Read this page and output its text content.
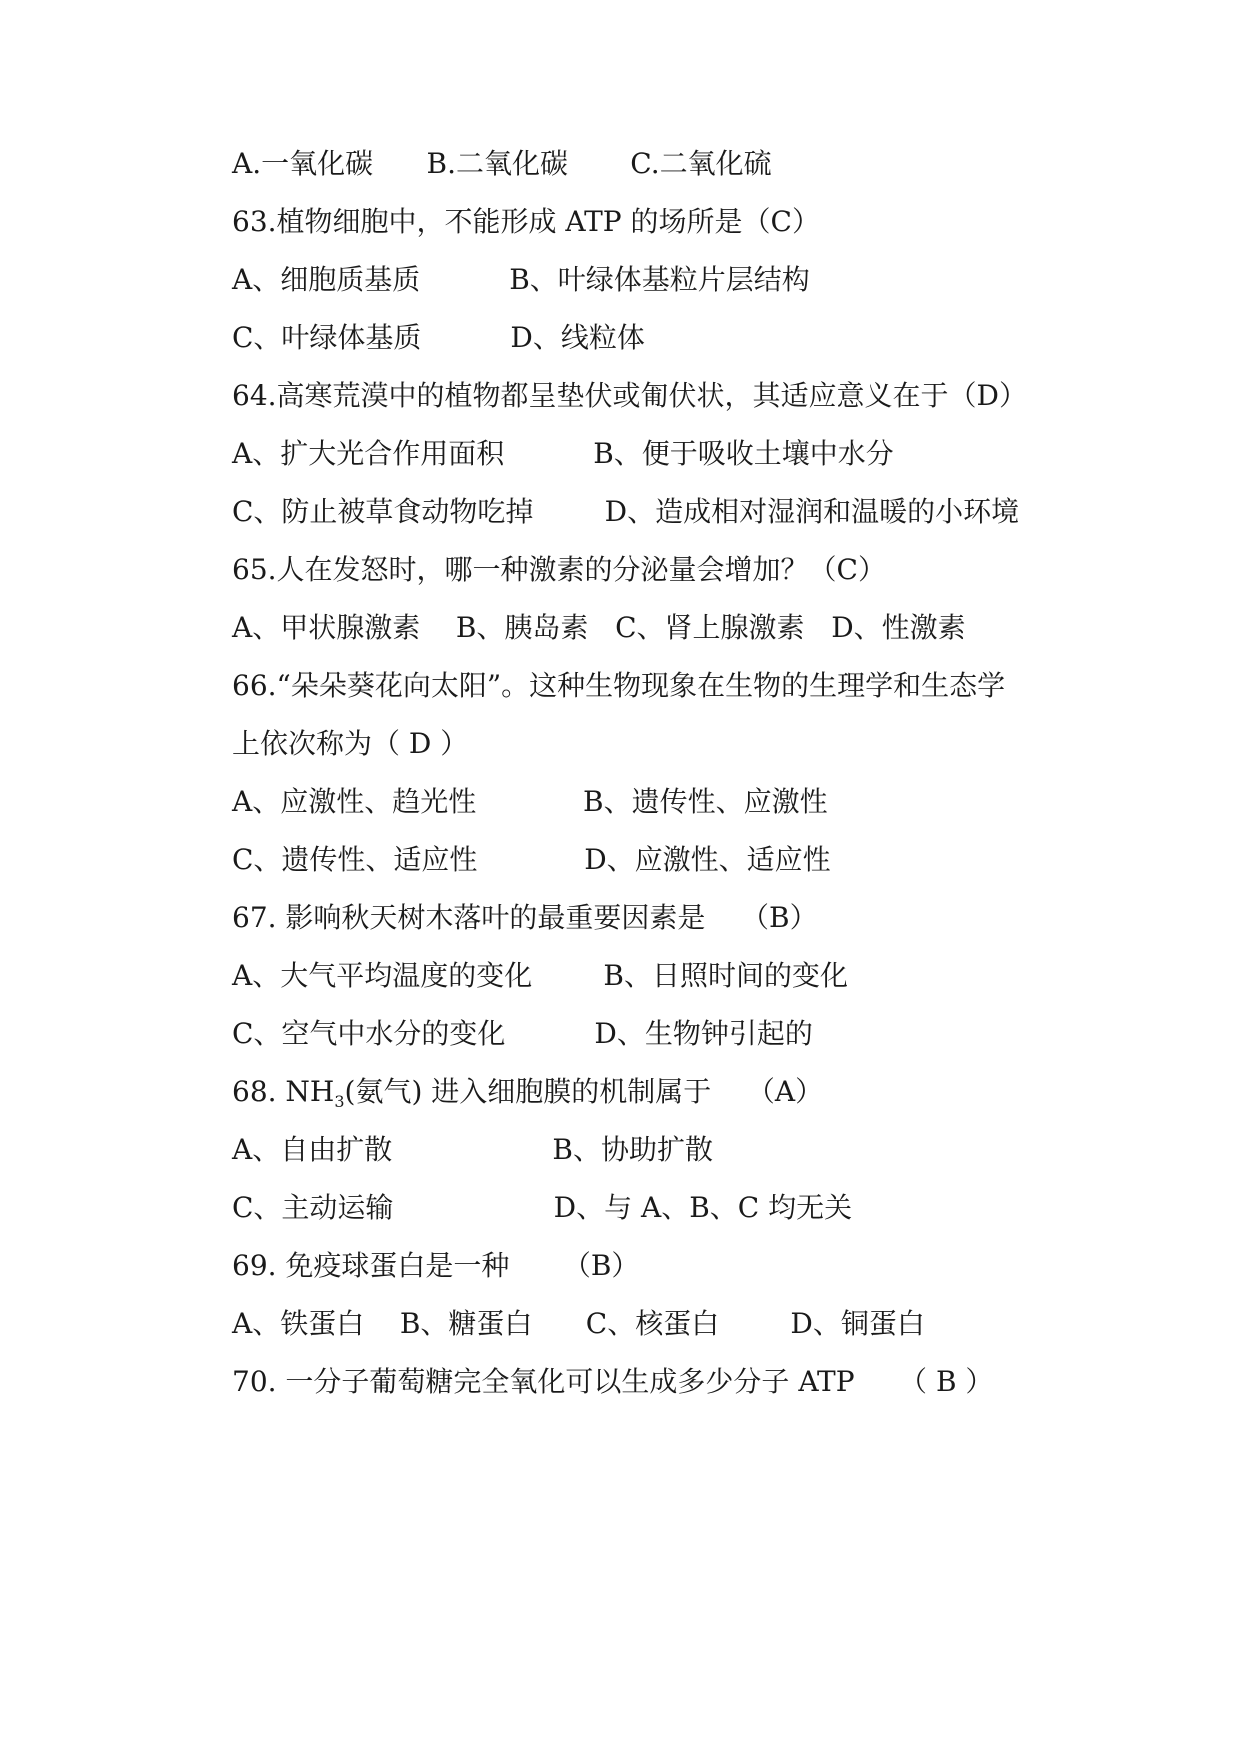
A.一氧化碳      B.二氧化碳       C.二氧化硫
63.植物细胞中，不能形成 ATP 的场所是（C）
A、细胞质基质          B、叶绿体基粒片层结构
C、叶绿体基质          D、线粒体
64.高寒荒漠中的植物都呈垫伏或匍伏状，其适应意义在于（D）
A、扩大光合作用面积          B、便于吸收土壤中水分
C、防止被草食动物吃掉        D、造成相对湿润和温暖的小环境
65.人在发怒时，哪一种激素的分泌量会增加？（C）
A、甲状腺激素    B、胰岛素   C、肾上腺激素   D、性激素
66.“朵朵葵花向太阳”。这种生物现象在生物的生理学和生态学
上依次称为（ D ）
A、应激性、趋光性            B、遗传性、应激性
C、遗传性、适应性            D、应激性、适应性
67. 影响秋天树木落叶的最重要因素是    （B）
A、大气平均温度的变化        B、日照时间的变化
C、空气中水分的变化          D、生物钟引起的
68. $NH_3$(氨气) 进入细胞膜的机制属于    （A）
A、自由扩散                  B、协助扩散
C、主动运输                  D、与 A、B、C 均无关
69. 免疫球蛋白是一种      （B）
A、铁蛋白    B、糖蛋白      C、核蛋白        D、铜蛋白
70. 一分子葡萄糖完全氧化可以生成多少分子 ATP     （ B ）
